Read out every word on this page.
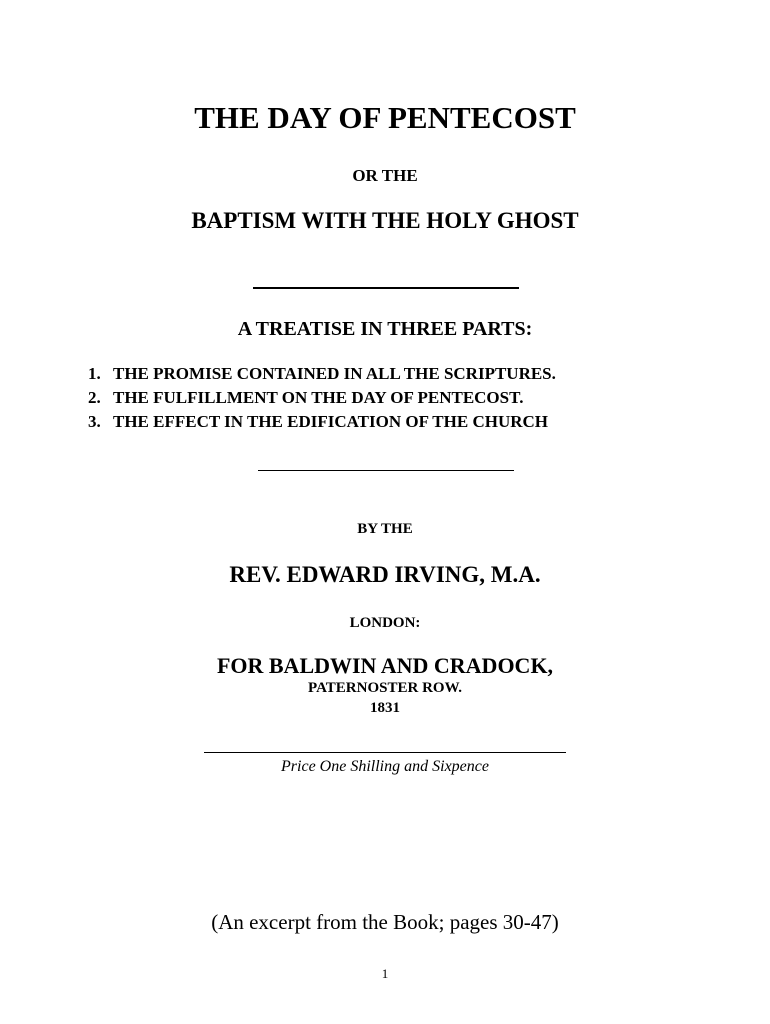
THE DAY OF PENTECOST
OR THE
BAPTISM WITH THE HOLY GHOST
A TREATISE IN THREE PARTS:
1. THE PROMISE CONTAINED IN ALL THE SCRIPTURES.
2. THE FULFILLMENT ON THE DAY OF PENTECOST.
3. THE EFFECT IN THE EDIFICATION OF THE CHURCH
BY THE
REV. EDWARD IRVING, M.A.
LONDON:
FOR BALDWIN AND CRADOCK,
PATERNOSTER ROW.
1831
Price One Shilling and Sixpence
(An excerpt from the Book; pages 30-47)
1
